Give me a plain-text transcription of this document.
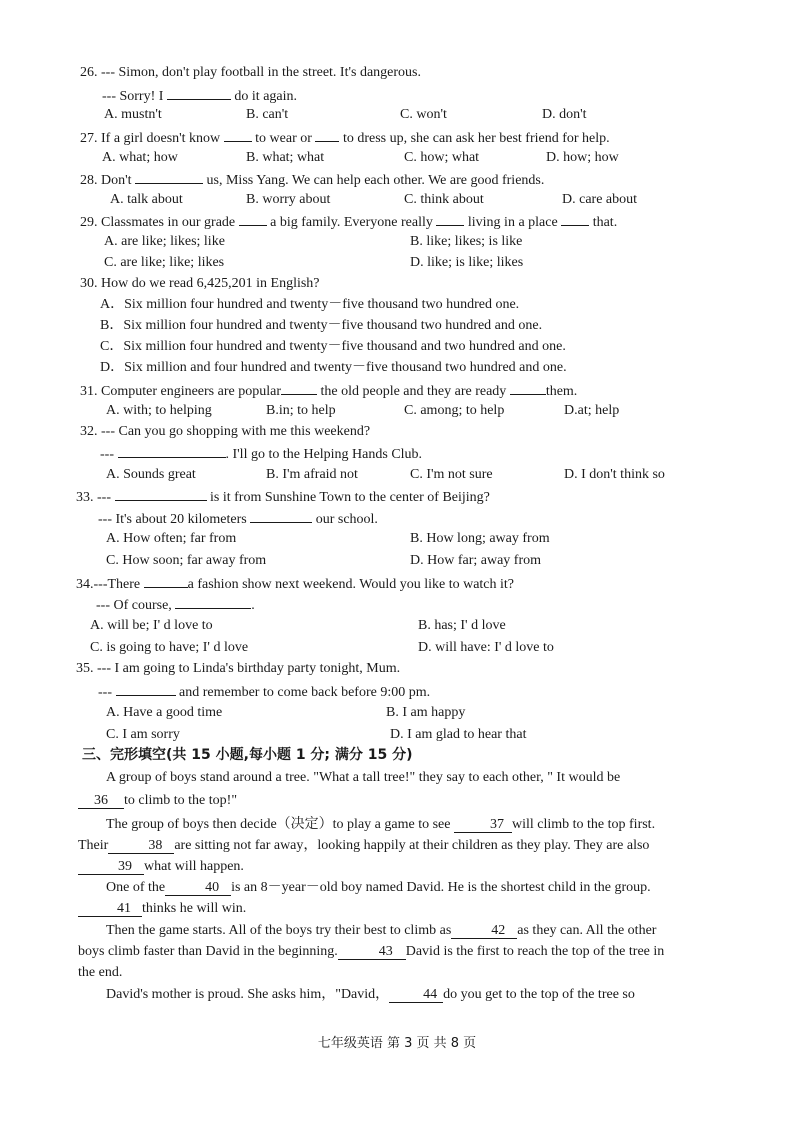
26. --- Simon, don't play football in the street. It's dangerous.
--- Sorry! I	do it again.
A. mustn't	B. can't	C. won't	D. don't
27. If a girl doesn't know	to wear or to dress up, she can ask her best friend for help.
A. what; how	B. what; what	C. how; what	D. how; how
28. Don't	us, Miss Yang. We can help each other. We are good friends.
A. talk about	B. worry about	C. think about	D. care about
29. Classmates in our grade	a big family. Everyone really	living in a place	that.
A. are like; likes; like	B. like; likes; is like
C. are like; like; likes	D. like; is like; likes
30. How do we read 6,425,201 in English?
A．Six million four hundred and twenty－five thousand two hundred one.
B．Six million four hundred and twenty－five thousand two hundred and one.
C．Six million four hundred and twenty－five thousand and two hundred and one.
D．Six million and four hundred and twenty－five thousand two hundred and one.
31. Computer engineers are popular	the old people and they are ready	them.
A. with; to helping	B.in; to help	C. among; to help	D.at; help
32. --- Can you go shopping with me this weekend?
---	. I'll go to the Helping Hands Club.
A. Sounds great	B. I'm afraid not	C. I'm not sure	D. I don't think so
33. ---	is it from Sunshine Town to the center of Beijing?
--- It's about 20 kilometers	our school.
A. How often; far from	B. How long; away from
C. How soon; far away from	D. How far; away from
34.---There	a fashion show next weekend. Would you like to watch it?
--- Of course,	.
A. will be; I' d love to	B. has; I' d love
C. is going to have; I' d love	D. will have: I' d love to
35. --- I am going to Linda's birthday party tonight, Mum.
---	and remember to come back before 9:00 pm.
A. Have a good time	B. I am happy
C. I am sorry	D. I am glad to hear that
三、完形填空(共 15 小题,每小题 1 分; 满分 15 分)
A group of boys stand around a tree. "What a tall tree!" they say to each other, " It would be
36 to climb to the top!"
The group of boys then decide（决定）to play a game to see	37 will climb to the top first. Their	38 are sitting not far away，looking happily at their children as they play. They are also39 what will happen.
One of the	40 is an 8－year－old boy named David. He is the shortest child in the group.41 thinks he will win.
Then the game starts. All of the boys try their best to climb as	42 as they can. All the other boys climb faster than David in the beginning.	43 David is the first to reach the top of the tree in the end.
David's mother is proud. She asks him，"David， 44 do you get to the top of the tree so
七年级英语 第 3 页 共 8 页
